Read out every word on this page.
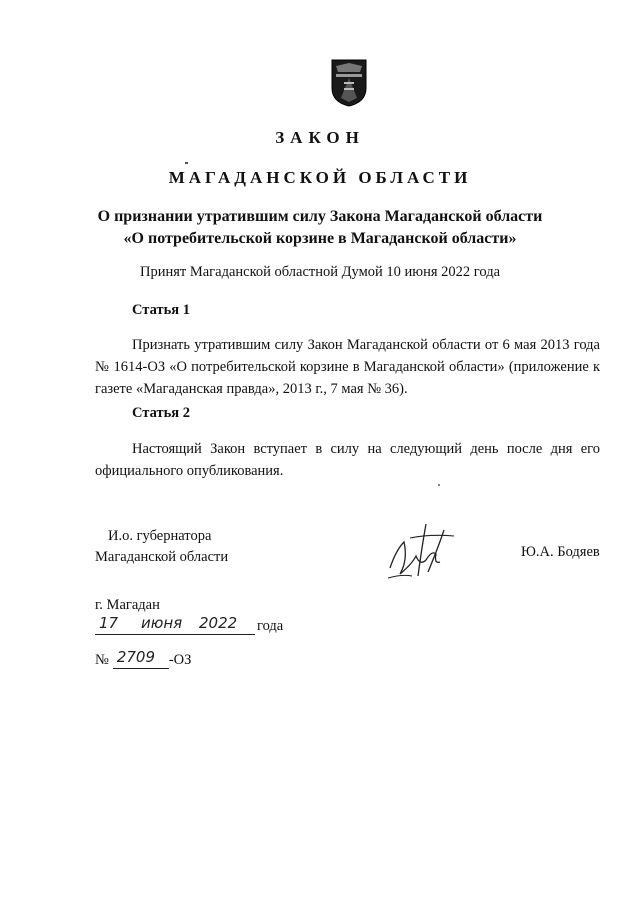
ЗАКОН
МАГАДАНСКОЙ ОБЛАСТИ
О признании утратившим силу Закона Магаданской области
«О потребительской корзине в Магаданской области»
Принят Магаданской областной Думой 10 июня 2022 года
Статья 1
Признать утратившим силу Закон Магаданской области от 6 мая 2013 года № 1614-ОЗ «О потребительской корзине в Магаданской области» (приложение к газете «Магаданская правда», 2013 г., 7 мая № 36).
Статья 2
Настоящий Закон вступает в силу на следующий день после дня его официального опубликования.
И.о. губернатора
Магаданской области	Ю.А. Бодяев
г. Магадан
17 июня 2022 года
№ 2709 -ОЗ
